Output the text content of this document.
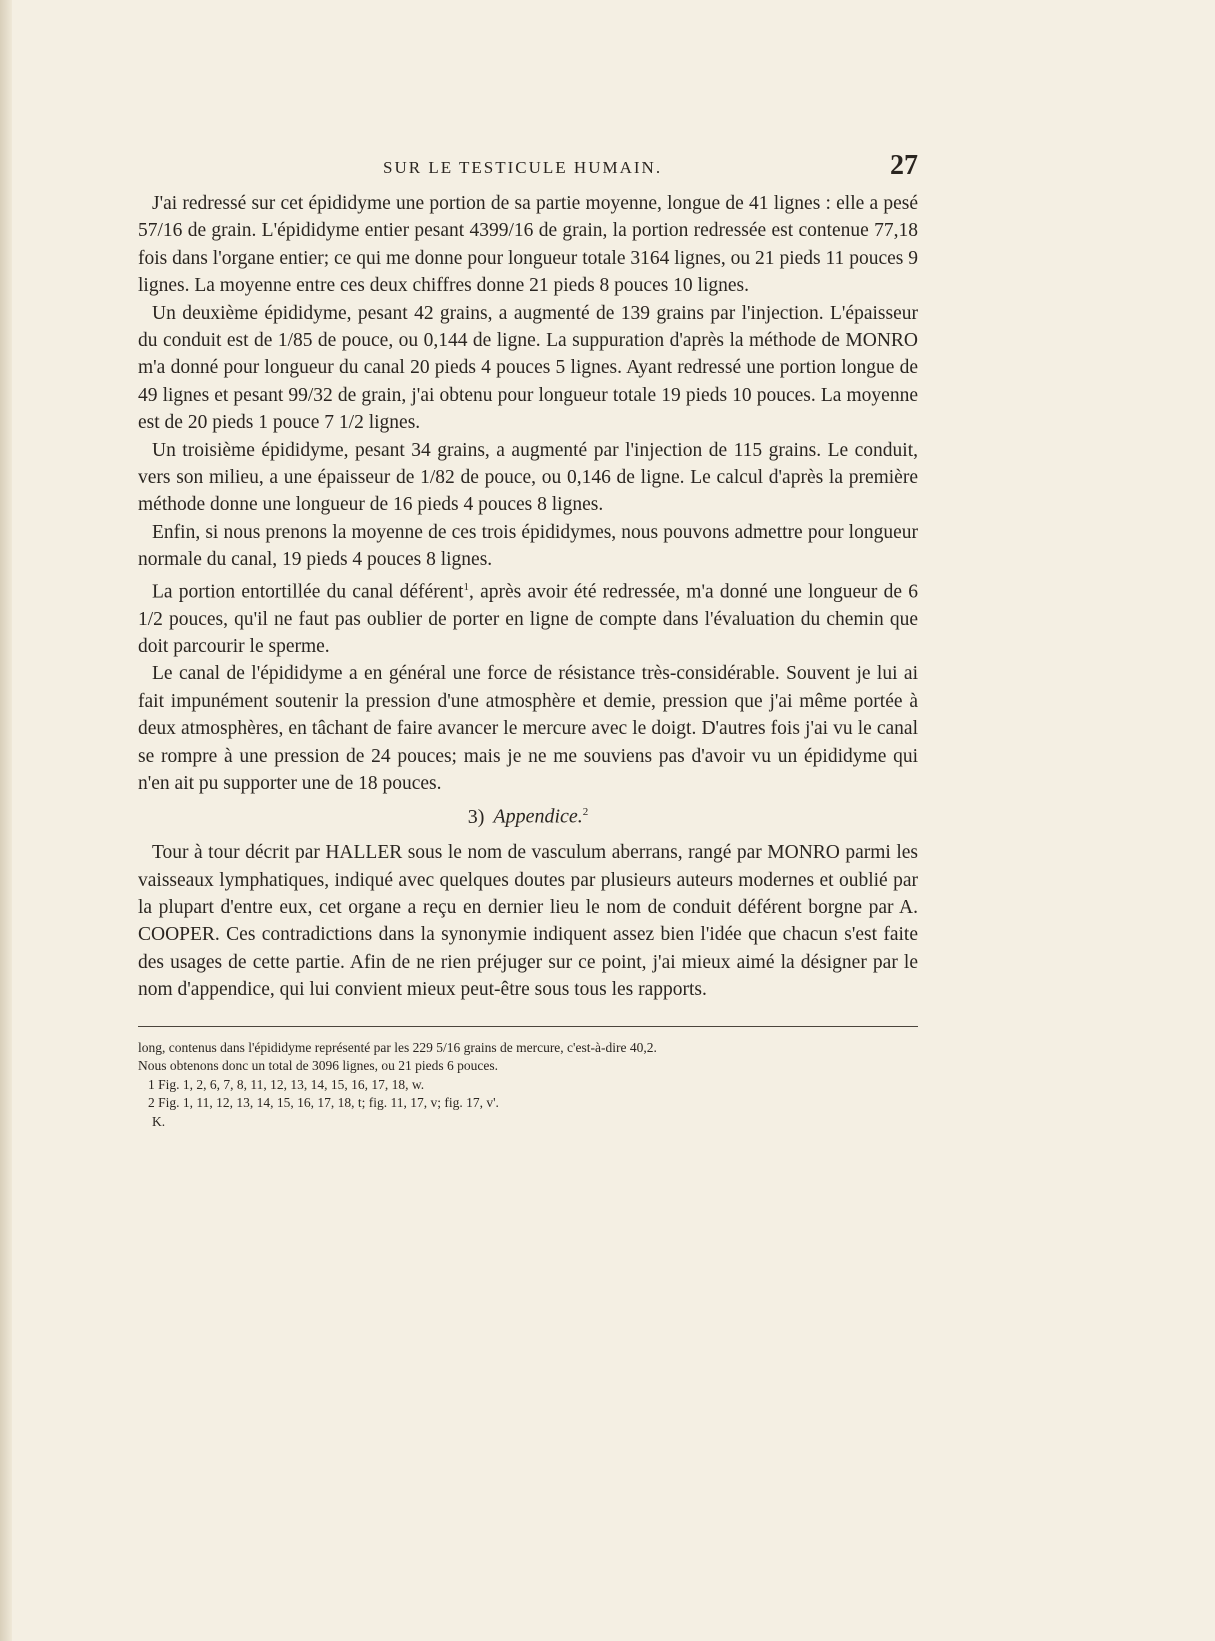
SUR LE TESTICULE HUMAIN.	27

J'ai redressé sur cet épididyme une portion de sa partie moyenne, longue de 41 lignes : elle a pesé 57/16 de grain. L'épididyme entier pesant 4399/16 de grain, la portion redressée est contenue 77,18 fois dans l'organe entier; ce qui me donne pour longueur totale 3164 lignes, ou 21 pieds 11 pouces 9 lignes. La moyenne entre ces deux chiffres donne 21 pieds 8 pouces 10 lignes.

Un deuxième épididyme, pesant 42 grains, a augmenté de 139 grains par l'injection. L'épaisseur du conduit est de 1/85 de pouce, ou 0,144 de ligne. La suppuration d'après la méthode de MONRO m'a donné pour longueur du canal 20 pieds 4 pouces 5 lignes. Ayant redressé une portion longue de 49 lignes et pesant 99/32 de grain, j'ai obtenu pour longueur totale 19 pieds 10 pouces. La moyenne est de 20 pieds 1 pouce 7 1/2 lignes.

Un troisième épididyme, pesant 34 grains, a augmenté par l'injection de 115 grains. Le conduit, vers son milieu, a une épaisseur de 1/82 de pouce, ou 0,146 de ligne. Le calcul d'après la première méthode donne une longueur de 16 pieds 4 pouces 8 lignes.

Enfin, si nous prenons la moyenne de ces trois épididymes, nous pouvons admettre pour longueur normale du canal, 19 pieds 4 pouces 8 lignes.

La portion entortillée du canal déférent$^1$, après avoir été redressée, m'a donné une longueur de 6 1/2 pouces, qu'il ne faut pas oublier de porter en ligne de compte dans l'évaluation du chemin que doit parcourir le sperme.

Le canal de l'épididyme a en général une force de résistance très-considérable. Souvent je lui ai fait impunément soutenir la pression d'une atmosphère et demie, pression que j'ai même portée à deux atmosphères, en tâchant de faire avancer le mercure avec le doigt. D'autres fois j'ai vu le canal se rompre à une pression de 24 pouces; mais je ne me souviens pas d'avoir vu un épididyme qui n'en ait pu supporter une de 18 pouces.

3) Appendice.$^2$

Tour à tour décrit par HALLER sous le nom de vasculum aberrans, rangé par MONRO parmi les vaisseaux lymphatiques, indiqué avec quelques doutes par plusieurs auteurs modernes et oublié par la plupart d'entre eux, cet organe a reçu en dernier lieu le nom de conduit déférent borgne par A. COOPER. Ces contradictions dans la synonymie indiquent assez bien l'idée que chacun s'est faite des usages de cette partie. Afin de ne rien préjuger sur ce point, j'ai mieux aimé la désigner par le nom d'appendice, qui lui convient mieux peut-être sous tous les rapports.

long, contenus dans l'épididyme représenté par les 229 5/16 grains de mercure, c'est-à-dire 40,2.

Nous obtenons donc un total de 3096 lignes, ou 21 pieds 6 pouces.

1 Fig. 1, 2, 6, 7, 8, 11, 12, 13, 14, 15, 16, 17, 18, w.

2 Fig. 1, 11, 12, 13, 14, 15, 16, 17, 18, t; fig. 11, 17, v; fig. 17, v'.

K.
